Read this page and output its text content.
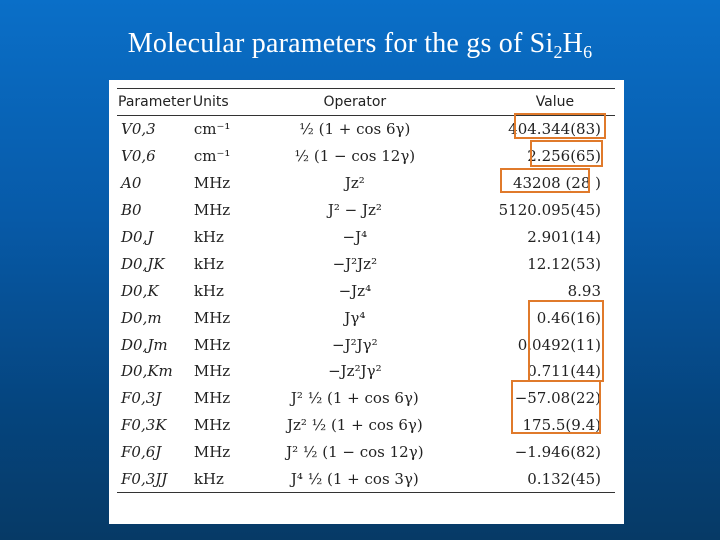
Molecular parameters for the gs of $Si_2H_6$
Parameter	Units	Operator	Value
V0,3	cm⁻¹	½ (1 + cos 6γ)	404.344(83)
V0,6	cm⁻¹	½ (1 − cos 12γ)	2.256(65)
A0	MHz	Jz²	43208 (28 )
B0	MHz	J² − Jz²	5120.095(45)
D0,J	kHz	−J⁴	2.901(14)
D0,JK	kHz	−J²Jz²	12.12(53)
D0,K	kHz	−Jz⁴	8.93
D0,m	MHz	Jγ⁴	0.46(16)
D0,Jm	MHz	−J²Jγ²	0.0492(11)
D0,Km	MHz	−Jz²Jγ²	0.711(44)
F0,3J	MHz	J² ½ (1 + cos 6γ)	−57.08(22)
F0,3K	MHz	Jz² ½ (1 + cos 6γ)	175.5(9.4)
F0,6J	MHz	J² ½ (1 − cos 12γ)	−1.946(82)
F0,3JJ	kHz	J⁴ ½ (1 + cos 3γ)	0.132(45)
